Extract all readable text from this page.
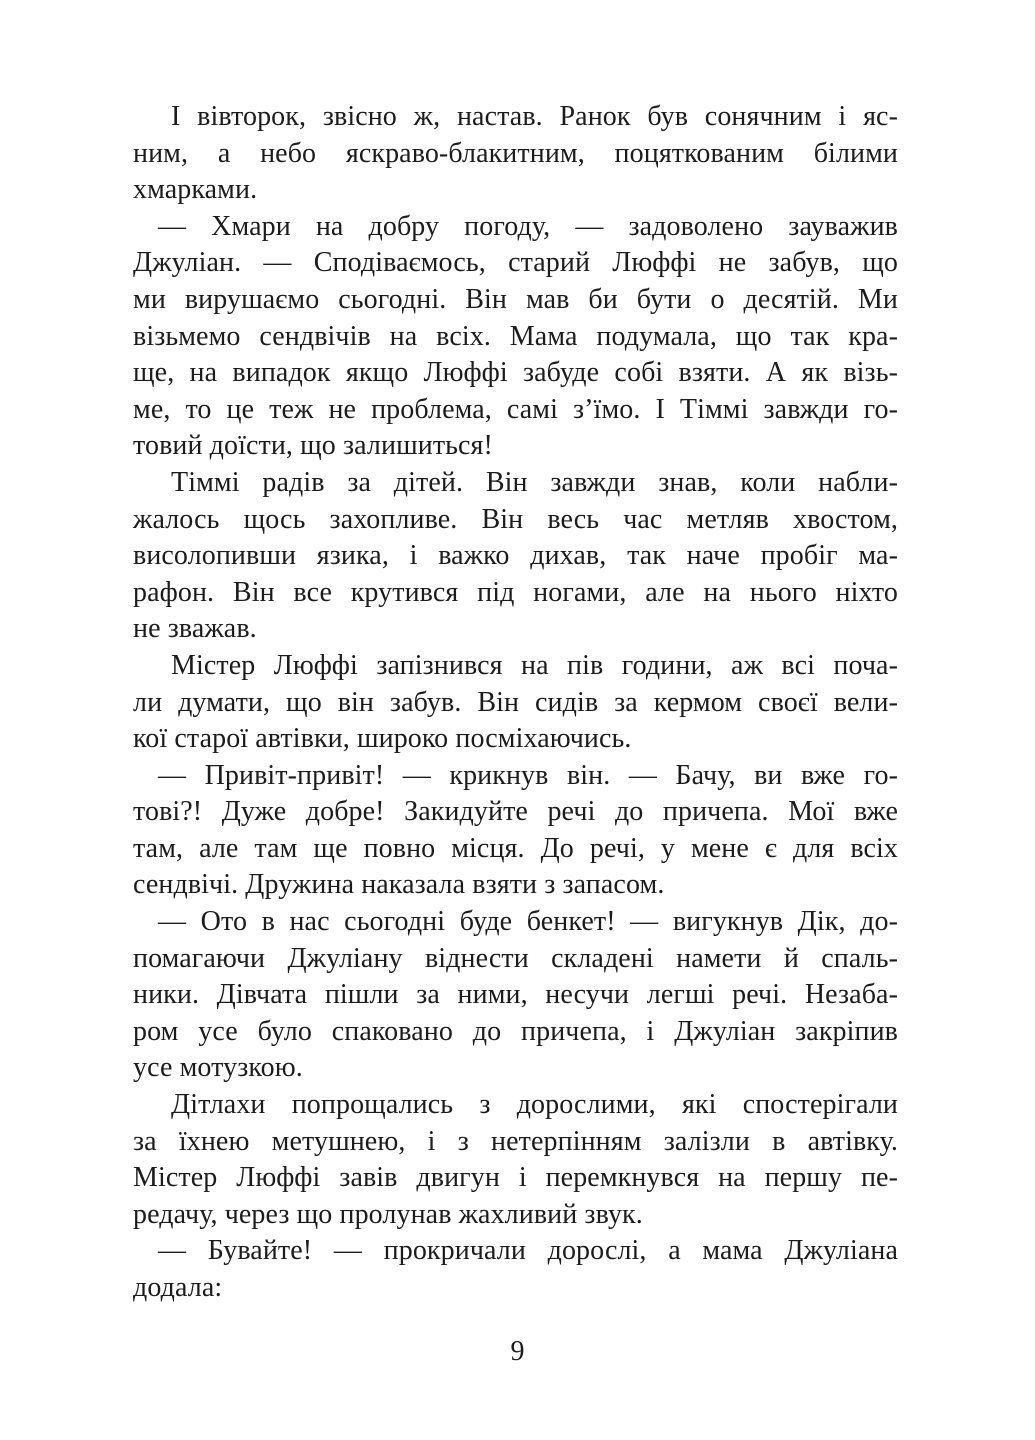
І вівторок, звісно ж, настав. Ранок був сонячним і яс-
ним, а небо яскраво-блакитним, поцяткованим білими
хмарками.

— Хмари на добру погоду, — задоволено зауважив
Джуліан. — Сподіваємось, старий Люффі не забув, що
ми вирушаємо сьогодні. Він мав би бути о десятій. Ми
візьмемо сендвічів на всіх. Мама подумала, що так кра-
ще, на випадок якщо Люффі забуде собі взяти. А як візь-
ме, то це теж не проблема, самі з’їмо. І Тіммі завжди го-
товий доїсти, що залишиться!

Тіммі радів за дітей. Він завжди знав, коли набли-
жалось щось захопливе. Він весь час метляв хвостом,
висолопивши язика, і важко дихав, так наче пробіг ма-
рафон. Він все крутився під ногами, але на нього ніхто
не зважав.

Містер Люффі запізнився на пів години, аж всі поча-
ли думати, що він забув. Він сидів за кермом своєї вели-
кої старої автівки, широко посміхаючись.

— Привіт-привіт! — крикнув він. — Бачу, ви вже го-
тові?! Дуже добре! Закидуйте речі до причепа. Мої вже
там, але там ще повно місця. До речі, у мене є для всіх
сендвічі. Дружина наказала взяти з запасом.

— Ото в нас сьогодні буде бенкет! — вигукнув Дік, до-
помагаючи Джуліану віднести складені намети й спаль-
ники. Дівчата пішли за ними, несучи легші речі. Незаба-
ром усе було спаковано до причепа, і Джуліан закріпив
усе мотузкою.

Дітлахи попрощались з дорослими, які спостерігали
за їхнею метушнею, і з нетерпінням залізли в автівку.
Містер Люффі завів двигун і перемкнувся на першу пе-
редачу, через що пролунав жахливий звук.

— Бувайте! — прокричали дорослі, а мама Джуліана
додала:

9
